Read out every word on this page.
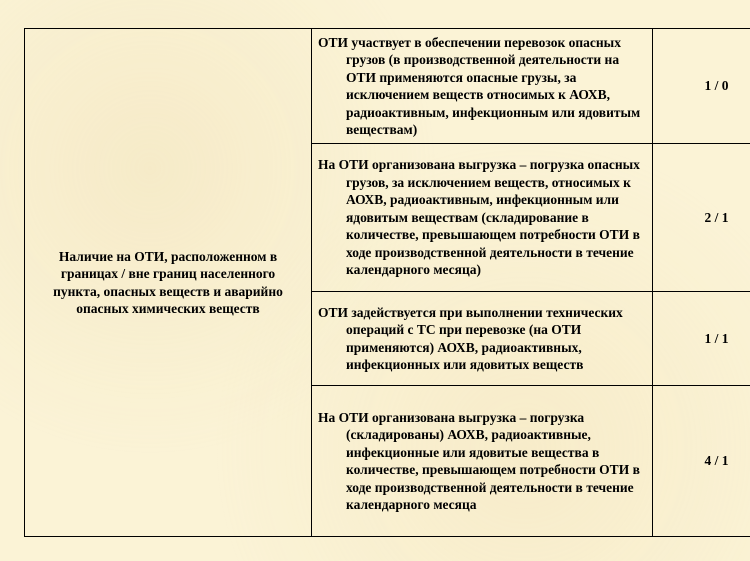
Наличие на ОТИ, расположенном в границах / вне границ населенного пункта, опасных веществ и аварийно опасных химических веществ	ОТИ участвует в обеспечении перевозок опасных грузов (в производственной деятельности на ОТИ применяются опасные грузы, за исключением веществ относимых к АОХВ, радиоактивным, инфекционным или ядовитым веществам)	1 / 0

	На ОТИ организована выгрузка – погрузка опасных грузов, за исключением веществ, относимых к АОХВ, радиоактивным, инфекционным или ядовитым веществам (складирование в количестве, превышающем потребности ОТИ в ходе производственной деятельности в течение календарного месяца)	2 / 1

	ОТИ задействуется при выполнении технических операций с ТС при перевозке (на ОТИ применяются) АОХВ, радиоактивных, инфекционных или ядовитых веществ	1 / 1

	На ОТИ организована выгрузка – погрузка (складированы) АОХВ, радиоактивные, инфекционные или ядовитые вещества в количестве, превышающем потребности ОТИ в ходе производственной деятельности в течение календарного месяца	4 / 1
